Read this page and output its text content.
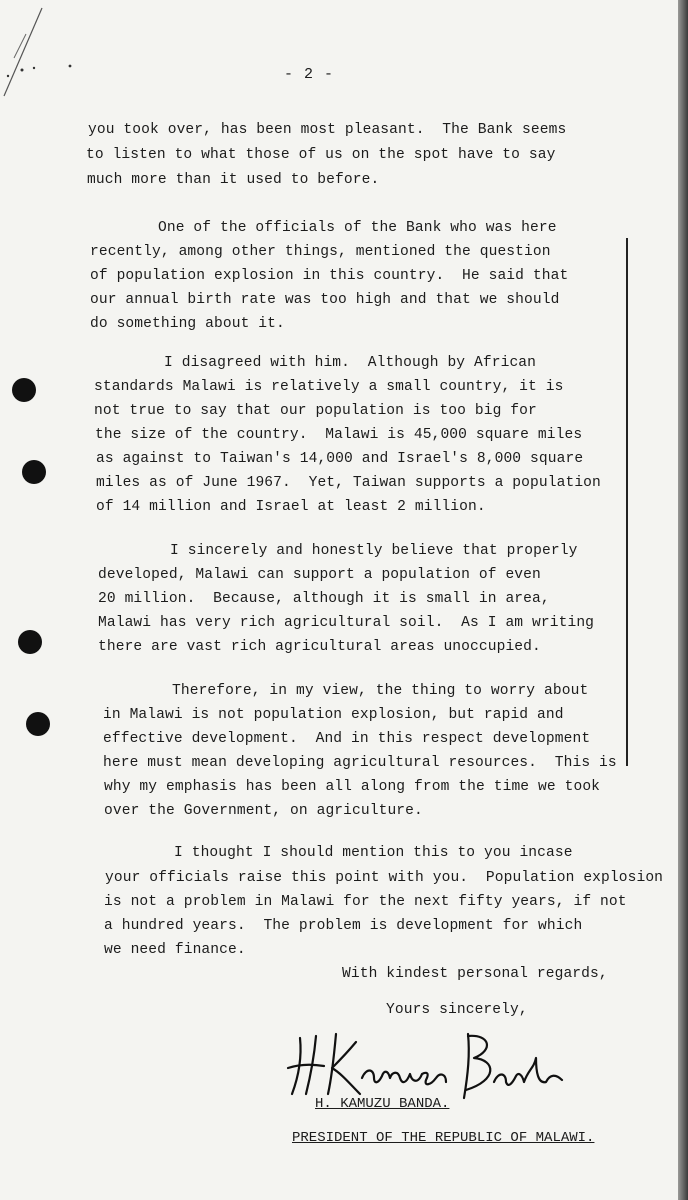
- 2 -
you took over, has been most pleasant.  The Bank seems
to listen to what those of us on the spot have to say
much more than it used to before.
One of the officials of the Bank who was here
recently, among other things, mentioned the question
of population explosion in this country.  He said that
our annual birth rate was too high and that we should
do something about it.
I disagreed with him.  Although by African
standards Malawi is relatively a small country, it is
not true to say that our population is too big for
the size of the country.  Malawi is 45,000 square miles
as against to Taiwan's 14,000 and Israel's 8,000 square
miles as of June 1967.  Yet, Taiwan supports a population
of 14 million and Israel at least 2 million.
I sincerely and honestly believe that properly
developed, Malawi can support a population of even
20 million.  Because, although it is small in area,
Malawi has very rich agricultural soil.  As I am writing
there are vast rich agricultural areas unoccupied.
Therefore, in my view, the thing to worry about
in Malawi is not population explosion, but rapid and
effective development.  And in this respect development
here must mean developing agricultural resources.  This is
why my emphasis has been all along from the time we took
over the Government, on agriculture.
I thought I should mention this to you incase
your officials raise this point with you.  Population explosion
is not a problem in Malawi for the next fifty years, if not
a hundred years.  The problem is development for which
we need finance.
With kindest personal regards,
Yours sincerely,
H. KAMUZU BANDA.
PRESIDENT OF THE REPUBLIC OF MALAWI.
